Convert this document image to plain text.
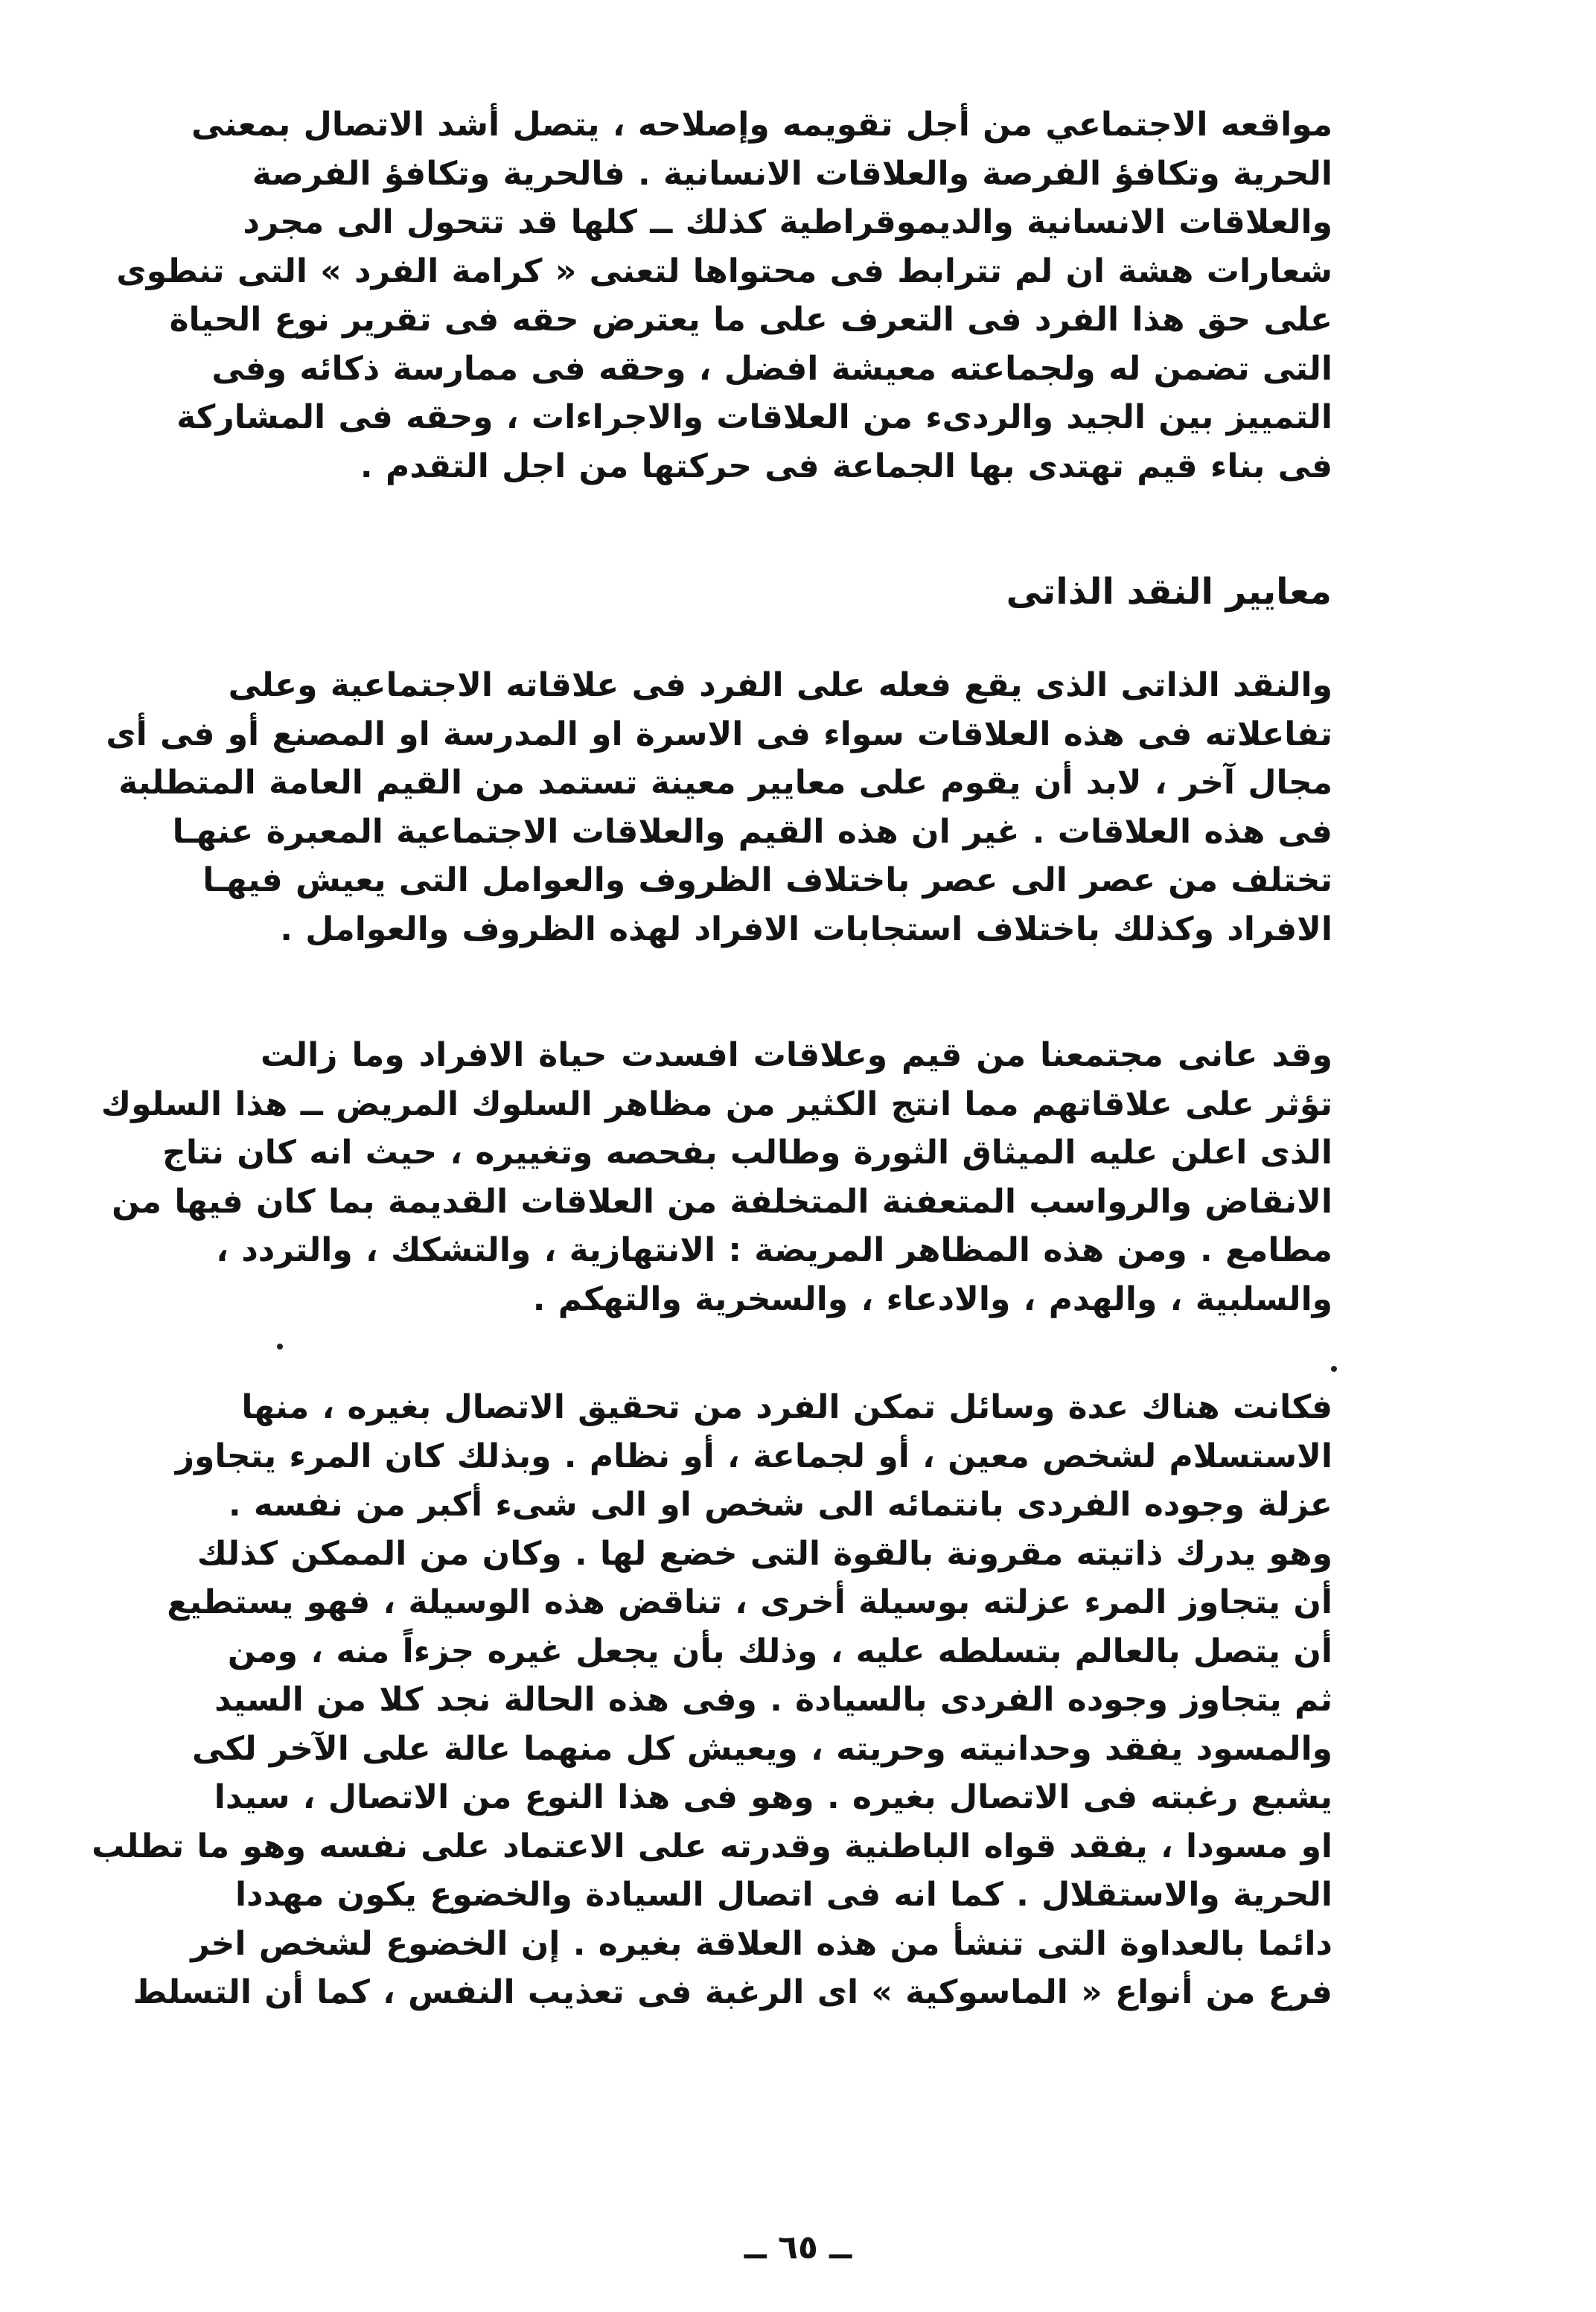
مواقعه الاجتماعي من أجل تقويمه وإصلاحه ، يتصل أشد الاتصال بمعنى
الحرية وتكافؤ الفرصة والعلاقات الانسانية . فالحرية وتكافؤ الفرصة
والعلاقات الانسانية والديموقراطية كذلك ــ كلها قد تتحول الى مجرد
شعارات هشة ان لم تترابط فى محتواها لتعنى « كرامة الفرد » التى تنطوى
على حق هذا الفرد فى التعرف على ما يعترض حقه فى تقرير نوع الحياة
التى تضمن له ولجماعته معيشة افضل ، وحقه فى ممارسة ذكائه وفى
التمييز بين الجيد والردىء من العلاقات والاجراءات ، وحقه فى المشاركة
فى بناء قيم تهتدى بها الجماعة فى حركتها من اجل التقدم .
معايير النقد الذاتى
والنقد الذاتى الذى يقع فعله على الفرد فى علاقاته الاجتماعية وعلى
تفاعلاته فى هذه العلاقات سواء فى الاسرة او المدرسة او المصنع أو فى أى
مجال آخر ، لابد أن يقوم على معايير معينة تستمد من القيم العامة المتطلبة
فى هذه العلاقات . غير ان هذه القيم والعلاقات الاجتماعية المعبرة عنهـا
تختلف من عصر الى عصر باختلاف الظروف والعوامل التى يعيش فيهـا
الافراد وكذلك باختلاف استجابات الافراد لهذه الظروف والعوامل .
وقد عانى مجتمعنا من قيم وعلاقات افسدت حياة الافراد وما زالت
تؤثر على علاقاتهم مما انتج الكثير من مظاهر السلوك المريض ــ هذا السلوك
الذى اعلن عليه الميثاق الثورة وطالب بفحصه وتغييره ، حيث انه كان نتاج
الانقاض والرواسب المتعفنة المتخلفة من العلاقات القديمة بما كان فيها من
مطامع . ومن هذه المظاهر المريضة : الانتهازية ، والتشكك ، والتردد ،
والسلبية ، والهدم ، والادعاء ، والسخرية والتهكم .
فكانت هناك عدة وسائل تمكن الفرد من تحقيق الاتصال بغيره ، منها
الاستسلام لشخص معين ، أو لجماعة ، أو نظام . وبذلك كان المرء يتجاوز
عزلة وجوده الفردى بانتمائه الى شخص او الى شىء أكبر من نفسه .
وهو يدرك ذاتيته مقرونة بالقوة التى خضع لها . وكان من الممكن كذلك
أن يتجاوز المرء عزلته بوسيلة أخرى ، تناقض هذه الوسيلة ، فهو يستطيع
أن يتصل بالعالم بتسلطه عليه ، وذلك بأن يجعل غيره جزءاً منه ، ومن
ثم يتجاوز وجوده الفردى بالسيادة . وفى هذه الحالة نجد كلا من السيد
والمسود يفقد وحدانيته وحريته ، ويعيش كل منهما عالة على الآخر لكى
يشبع رغبته فى الاتصال بغيره . وهو فى هذا النوع من الاتصال ، سيدا
او مسودا ، يفقد قواه الباطنية وقدرته على الاعتماد على نفسه وهو ما تطلب
الحرية والاستقلال . كما انه فى اتصال السيادة والخضوع يكون مهددا
دائما بالعداوة التى تنشأ من هذه العلاقة بغيره . إن الخضوع لشخص اخر
فرع من أنواع « الماسوكية » اى الرغبة فى تعذيب النفس ، كما أن التسلط
ــ ٦٥ ــ
